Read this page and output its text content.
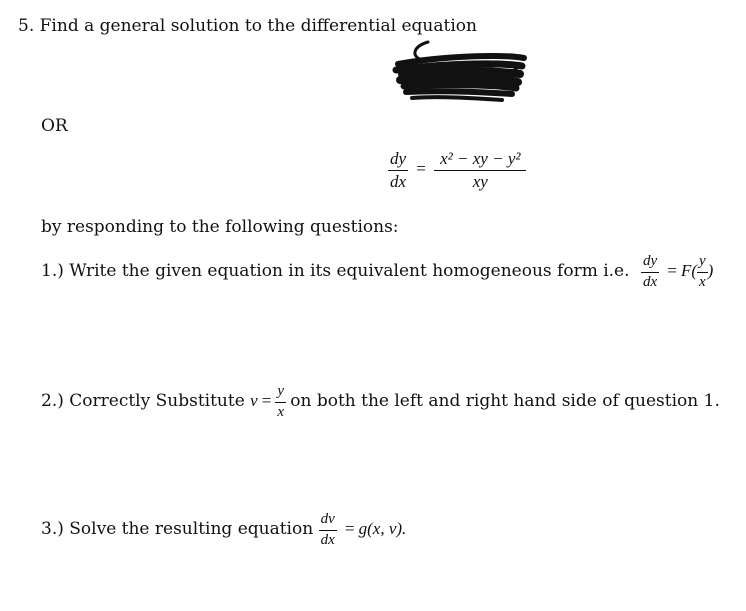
5. Find a general solution to the differential equation
OR
$\frac{dy}{dx} = \frac{\text{x² − xy − y²}}{xy}$
by responding to the following questions:
1.) Write the given equation in its equivalent homogeneous form i.e. $\frac{dy}{dx} = F( \frac{y}{x}$ )
2.) Correctly Substitute $v = \frac{y}{x}$ on both the left and right hand side of question 1.
3.) Solve the resulting equation $\frac{dv}{dx} = g(x$, v).
